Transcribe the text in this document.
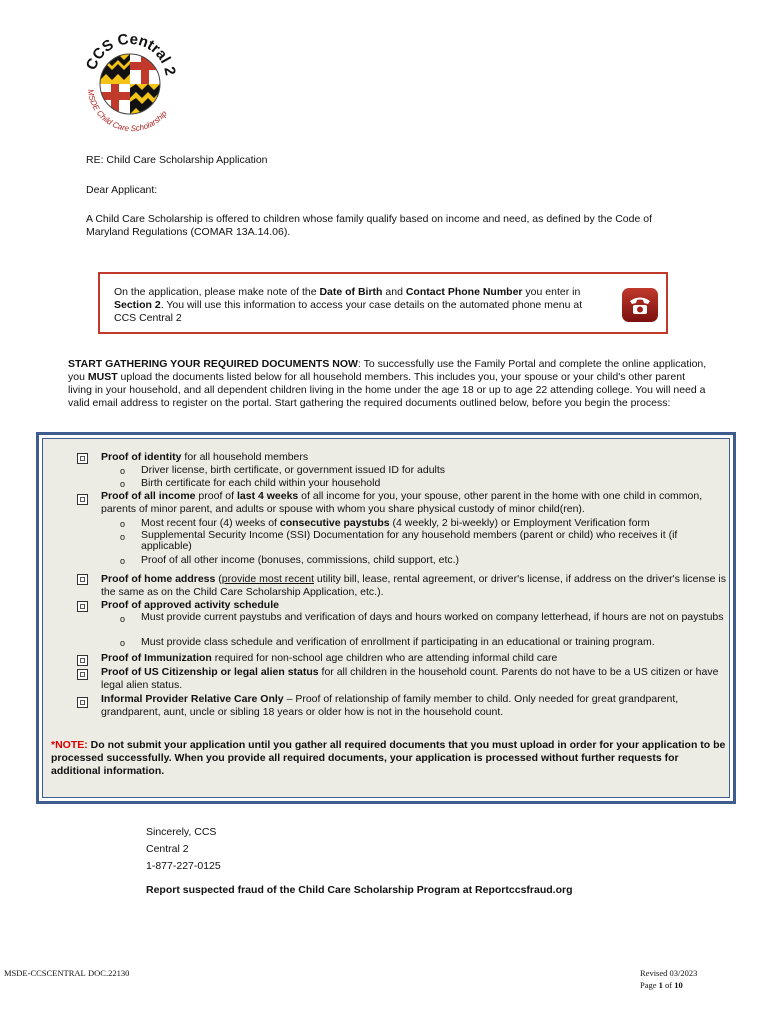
CCS Central 2
MSDE Child Care Scholarship
RE: Child Care Scholarship Application
Dear Applicant:
A Child Care Scholarship is offered to children whose family qualify based on income and need, as defined by the Code of Maryland Regulations (COMAR 13A.14.06).
On the application, please make note of the Date of Birth and Contact Phone Number you enter in Section 2. You will use this information to access your case details on the automated phone menu at CCS Central 2
START GATHERING YOUR REQUIRED DOCUMENTS NOW: To successfully use the Family Portal and complete the online application, you MUST upload the documents listed below for all household members. This includes you, your spouse or your child's other parent living in your household, and all dependent children living in the home under the age 18 or up to age 22 attending college. You will need a valid email address to register on the portal. Start gathering the required documents outlined below, before you begin the process:
Proof of identity for all household members
o Driver license, birth certificate, or government issued ID for adults
o Birth certificate for each child within your household
Proof of all income proof of last 4 weeks of all income for you, your spouse, other parent in the home with one child in common, parents of minor parent, and adults or spouse with whom you share physical custody of minor child(ren).
o Most recent four (4) weeks of consecutive paystubs (4 weekly, 2 bi-weekly) or Employment Verification form
o Supplemental Security Income (SSI) Documentation for any household members (parent or child) who receives it (if applicable)
o Proof of all other income (bonuses, commissions, child support, etc.)
Proof of home address (provide most recent utility bill, lease, rental agreement, or driver's license, if address on the driver's license is the same as on the Child Care Scholarship Application, etc.).
Proof of approved activity schedule
o Must provide current paystubs and verification of days and hours worked on company letterhead, if hours are not on paystubs
o Must provide class schedule and verification of enrollment if participating in an educational or training program.
Proof of Immunization required for non-school age children who are attending informal child care
Proof of US Citizenship or legal alien status for all children in the household count. Parents do not have to be a US citizen or have legal alien status.
Informal Provider Relative Care Only – Proof of relationship of family member to child. Only needed for great grandparent, grandparent, aunt, uncle or sibling 18 years or older how is not in the household count.
*NOTE: Do not submit your application until you gather all required documents that you must upload in order for your application to be processed successfully. When you provide all required documents, your application is processed without further requests for additional information.
Sincerely, CCS
Central 2
1-877-227-0125
Report suspected fraud of the Child Care Scholarship Program at Reportccsfraud.org
MSDE-CCSCENTRAL DOC.22130	Revised 03/2023
Page 1 of 10
